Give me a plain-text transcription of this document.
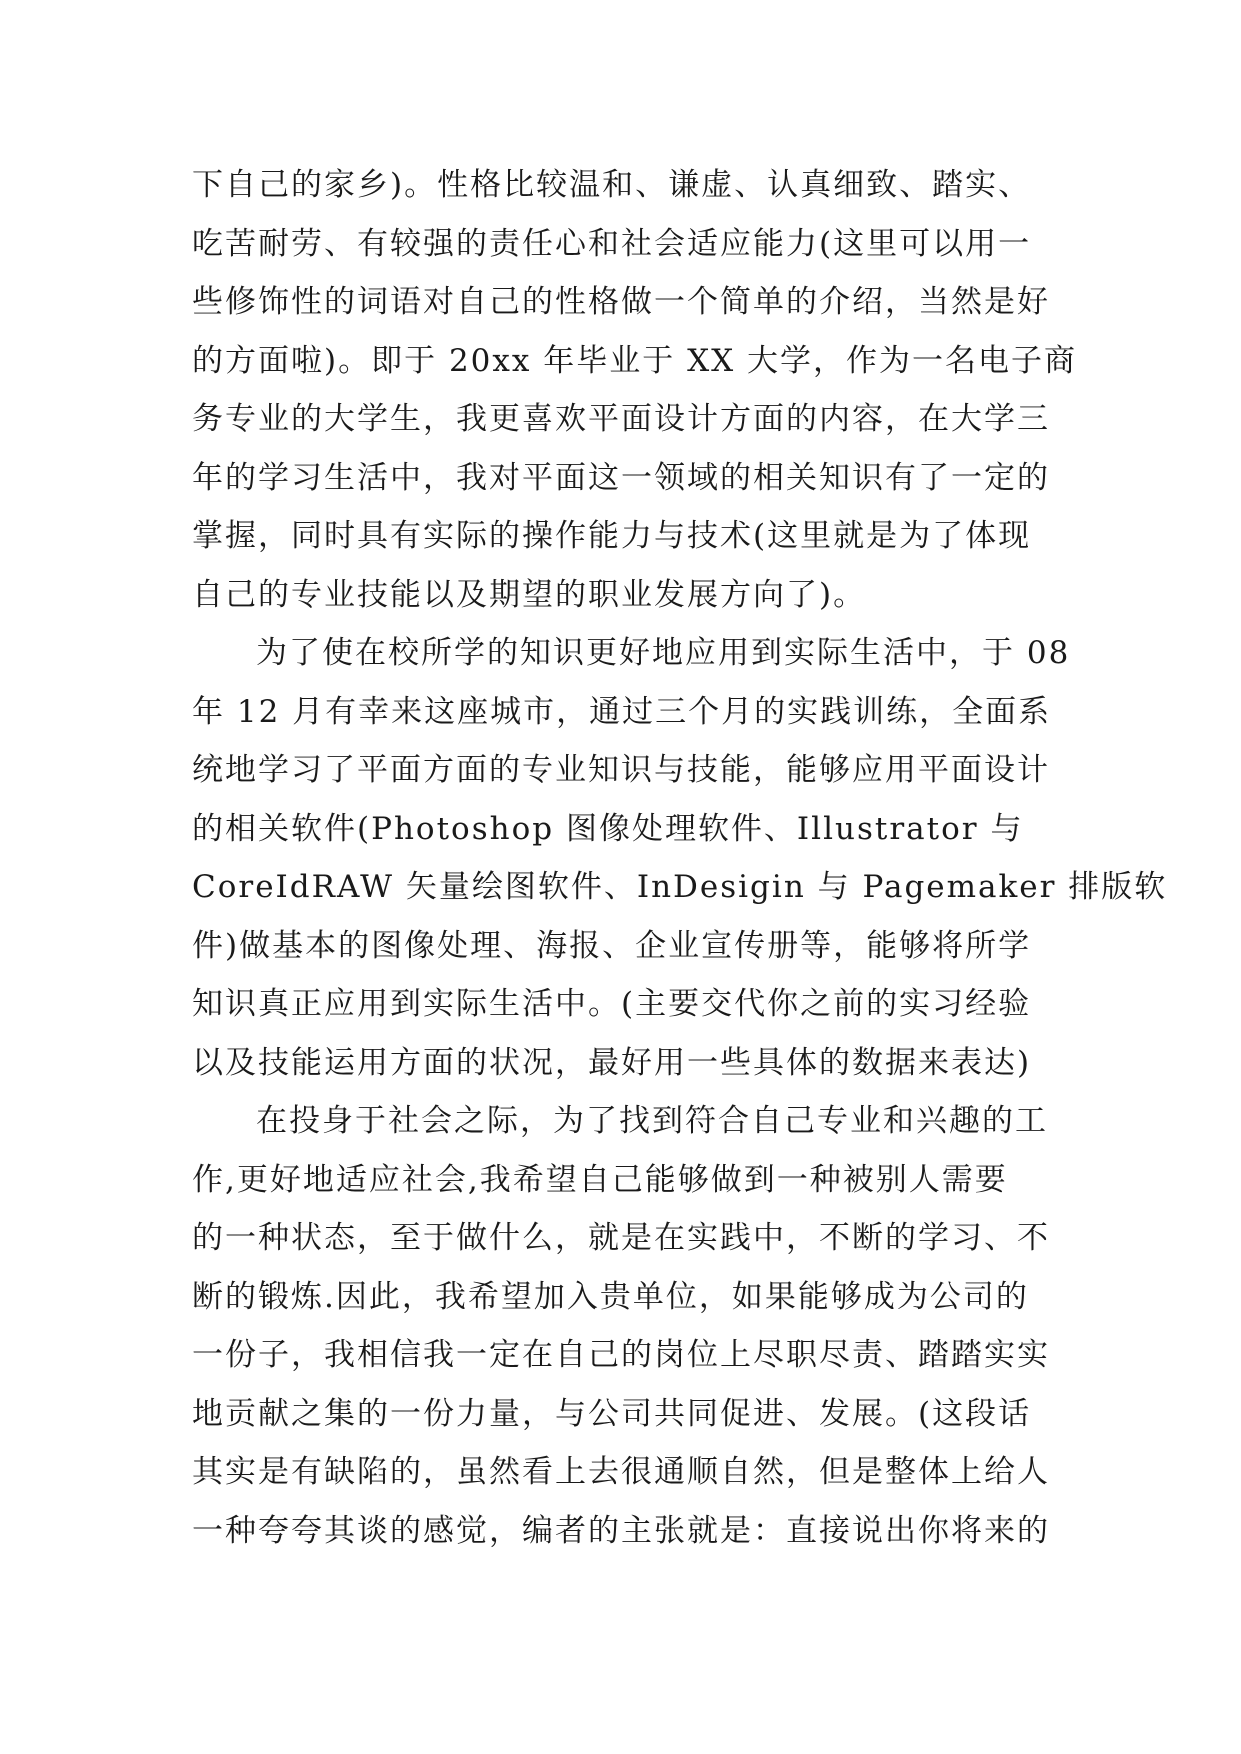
下自己的家乡)。性格比较温和、谦虚、认真细致、踏实、
吃苦耐劳、有较强的责任心和社会适应能力(这里可以用一
些修饰性的词语对自己的性格做一个简单的介绍，当然是好
的方面啦)。即于 20xx 年毕业于 XX 大学，作为一名电子商
务专业的大学生，我更喜欢平面设计方面的内容，在大学三
年的学习生活中，我对平面这一领域的相关知识有了一定的
掌握，同时具有实际的操作能力与技术(这里就是为了体现
自己的专业技能以及期望的职业发展方向了)。
为了使在校所学的知识更好地应用到实际生活中，于 08
年 12 月有幸来这座城市，通过三个月的实践训练，全面系
统地学习了平面方面的专业知识与技能，能够应用平面设计
的相关软件(Photoshop 图像处理软件、Illustrator 与
CoreIdRAW 矢量绘图软件、InDesigin 与 Pagemaker 排版软
件)做基本的图像处理、海报、企业宣传册等，能够将所学
知识真正应用到实际生活中。(主要交代你之前的实习经验
以及技能运用方面的状况，最好用一些具体的数据来表达)
在投身于社会之际，为了找到符合自己专业和兴趣的工
作,更好地适应社会,我希望自己能够做到一种被别人需要
的一种状态，至于做什么，就是在实践中，不断的学习、不
断的锻炼.因此，我希望加入贵单位，如果能够成为公司的
一份子，我相信我一定在自己的岗位上尽职尽责、踏踏实实
地贡献之集的一份力量，与公司共同促进、发展。(这段话
其实是有缺陷的，虽然看上去很通顺自然，但是整体上给人
一种夸夸其谈的感觉，编者的主张就是：直接说出你将来的
